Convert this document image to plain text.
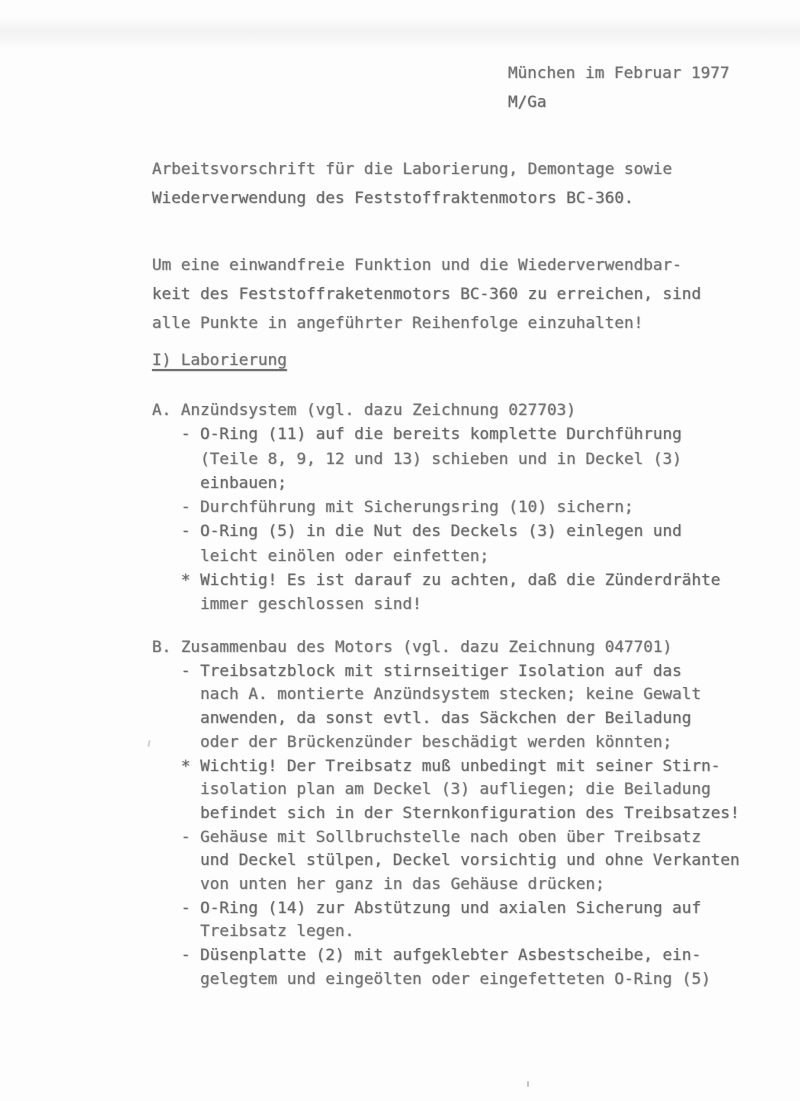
München im Februar 1977
M/Ga
Arbeitsvorschrift für die Laborierung, Demontage sowie
Wiederverwendung des Feststoffraktenmotors BC-360.
Um eine einwandfreie Funktion und die Wiederverwendbar-
keit des Feststoffraketenmotors BC-360 zu erreichen, sind
alle Punkte in angeführter Reihenfolge einzuhalten!
I) Laborierung
A. Anzündsystem (vgl. dazu Zeichnung 027703)
- O-Ring (11) auf die bereits komplette Durchführung
(Teile 8, 9, 12 und 13) schieben und in Deckel (3)
einbauen;
- Durchführung mit Sicherungsring (10) sichern;
- O-Ring (5) in die Nut des Deckels (3) einlegen und
leicht einölen oder einfetten;
* Wichtig! Es ist darauf zu achten, daß die Zünderdrähte
immer geschlossen sind!
B. Zusammenbau des Motors (vgl. dazu Zeichnung 047701)
- Treibsatzblock mit stirnseitiger Isolation auf das
nach A. montierte Anzündsystem stecken; keine Gewalt
anwenden, da sonst evtl. das Säckchen der Beiladung
oder der Brückenzünder beschädigt werden könnten;
* Wichtig! Der Treibsatz muß unbedingt mit seiner Stirn-
isolation plan am Deckel (3) aufliegen; die Beiladung
befindet sich in der Sternkonfiguration des Treibsatzes!
- Gehäuse mit Sollbruchstelle nach oben über Treibsatz
und Deckel stülpen, Deckel vorsichtig und ohne Verkanten
von unten her ganz in das Gehäuse drücken;
- O-Ring (14) zur Abstützung und axialen Sicherung auf
Treibsatz legen.
- Düsenplatte (2) mit aufgeklebter Asbestscheibe, ein-
gelegtem und eingeölten oder eingefetteten O-Ring (5)
